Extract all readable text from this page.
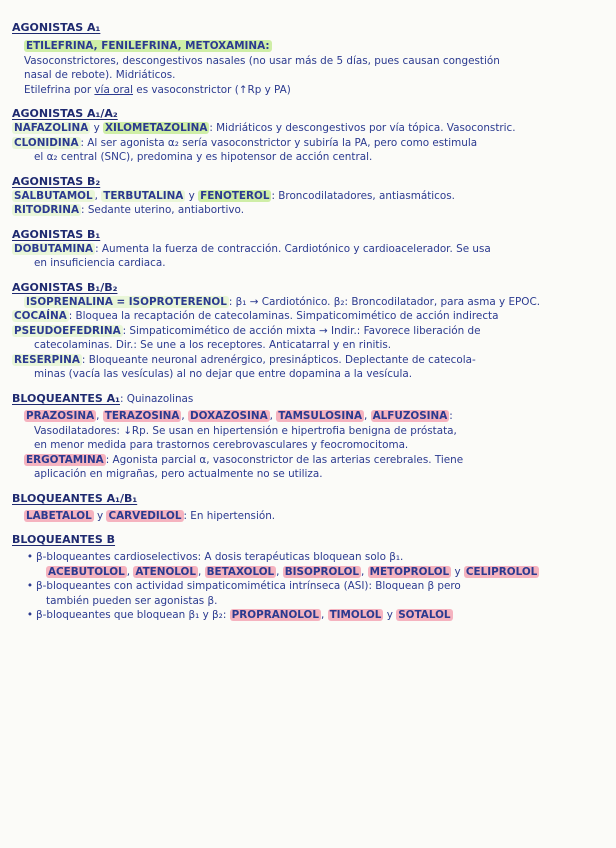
AGONISTAS Α₁
ETILEFRINA, FENILEFRINA, METOXAMINA:
Vasoconstrictores, descongestivos nasales (no usar más de 5 días, pues causan congestión
nasal de rebote). Midriáticos.
Etilefrina por vía oral es vasoconstrictor (↑Rp y PA)
AGONISTAS Α₁/Α₂
NAFAZOLINA y XILOMETAZOLINA : Midriáticos y descongestivos por vía tópica. Vasoconstric.
CLONIDINA : Al ser agonista α₂ sería vasoconstrictor y subiría la PA, pero como estimula
el α₂ central (SNC), predomina y es hipotensor de acción central.
AGONISTAS Β₂
SALBUTAMOL , TERBUTALINA y FENOTEROL : Broncodilatadores, antiasmáticos.
RITODRINA : Sedante uterino, antiabortivo.
AGONISTAS Β₁
DOBUTAMINA : Aumenta la fuerza de contracción. Cardiotónico y cardioacelerador. Se usa
en insuficiencia cardiaca.
AGONISTAS Β₁/Β₂
ISOPRENALINA = ISOPROTERENOL : β₁ → Cardiotónico. β₂: Broncodilatador, para asma y EPOC.
COCAÍNA : Bloquea la recaptación de catecolaminas. Simpaticomimético de acción indirecta
PSEUDOEFEDRINA : Simpaticomimético de acción mixta → Indir.: Favorece liberación de
catecolaminas. Dir.: Se une a los receptores. Anticatarral y en rinitis.
RESERPINA : Bloqueante neuronal adrenérgico, presinápticos. Deplectante de catecola-
minas (vacía las vesículas) al no dejar que entre dopamina a la vesícula.
BLOQUEANTES Α₁: Quinazolinas
PRAZOSINA , TERAZOSINA , DOXAZOSINA , TAMSULOSINA , ALFUZOSINA :
Vasodilatadores: ↓Rp. Se usan en hipertensión e hipertrofia benigna de próstata,
en menor medida para trastornos cerebrovasculares y feocromocitoma.
ERGOTAMINA : Agonista parcial α, vasoconstrictor de las arterias cerebrales. Tiene
aplicación en migrañas, pero actualmente no se utiliza.
BLOQUEANTES Α₁/Β₁
LABETALOL y CARVEDILOL : En hipertensión.
BLOQUEANTES Β
• β-bloqueantes cardioselectivos: A dosis terapéuticas bloquean solo β₁.
ACEBUTOLOL , ATENOLOL , BETAXOLOL , BISOPROLOL , METOPROLOL y CELIPROLOL
• β-bloqueantes con actividad simpaticomimética intrínseca (ASI): Bloquean β pero
también pueden ser agonistas β.
• β-bloqueantes que bloquean β₁ y β₂: PROPRANOLOL , TIMOLOL y SOTALOL
